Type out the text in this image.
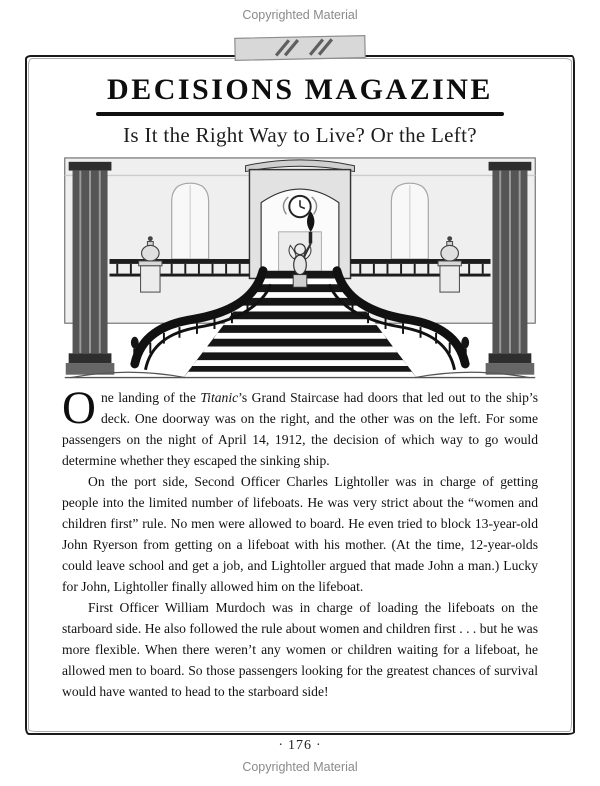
Copyrighted Material
DECISIONS MAGAZINE
Is It the Right Way to Live? Or the Left?

One landing of the Titanic’s Grand Staircase had doors that led out to the ship’s deck. One doorway was on the right, and the other was on the left. For some passengers on the night of April 14, 1912, the decision of which way to go would determine whether they escaped the sinking ship.

On the port side, Second Officer Charles Lightoller was in charge of getting people into the limited number of lifeboats. He was very strict about the “women and children first” rule. No men were allowed to board. He even tried to block 13-year-old John Ryerson from getting on a lifeboat with his mother. (At the time, 12-year-olds could leave school and get a job, and Lightoller argued that made John a man.) Lucky for John, Lightoller finally allowed him on the lifeboat.

First Officer William Murdoch was in charge of loading the lifeboats on the starboard side. He also followed the rule about women and children first . . . but he was more flexible. When there weren’t any women or children waiting for a lifeboat, he allowed men to board. So those passengers looking for the greatest chances of survival would have wanted to head to the starboard side!

· 176 ·
Copyrighted Material
